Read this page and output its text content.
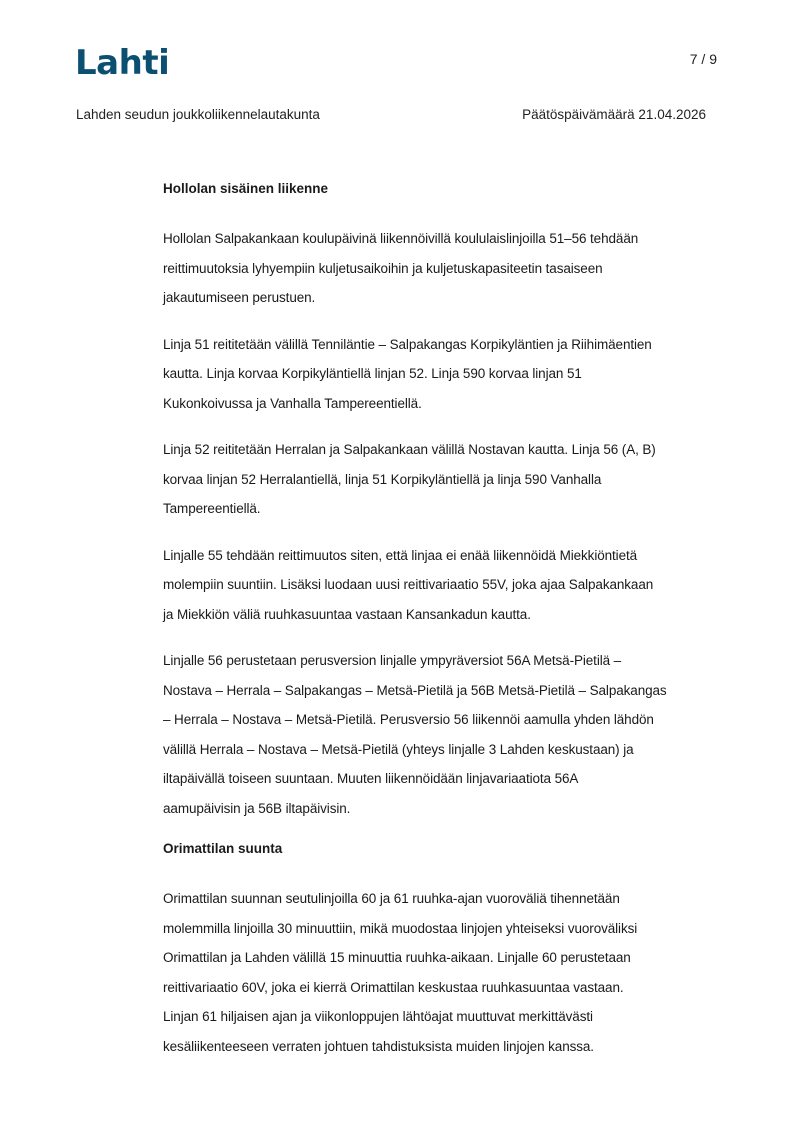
Lahti	7 / 9
Lahden seudun joukkoliikennelautakunta	Päätöspäivämäärä 21.04.2026
Hollolan sisäinen liikenne
Hollolan Salpakankaan koulupäivinä liikennöivillä koululaislinjoilla 51–56 tehdään
reittimuutoksia lyhyempiin kuljetusaikoihin ja kuljetuskapasiteetin tasaiseen
jakautumiseen perustuen.
Linja 51 reititetään välillä Tenniläntie – Salpakangas Korpikyläntien ja Riihimäentien
kautta. Linja korvaa Korpikyläntiellä linjan 52. Linja 590 korvaa linjan 51
Kukonkoivussa ja Vanhalla Tampereentiellä.
Linja 52 reititetään Herralan ja Salpakankaan välillä Nostavan kautta. Linja 56 (A, B)
korvaa linjan 52 Herralantiellä, linja 51 Korpikyläntiellä ja linja 590 Vanhalla
Tampereentiellä.
Linjalle 55 tehdään reittimuutos siten, että linjaa ei enää liikennöidä Miekkiöntietä
molempiin suuntiin. Lisäksi luodaan uusi reittivariaatio 55V, joka ajaa Salpakankaan
ja Miekkiön väliä ruuhkasuuntaa vastaan Kansankadun kautta.
Linjalle 56 perustetaan perusversion linjalle ympyräversiot 56A Metsä-Pietilä –
Nostava – Herrala – Salpakangas – Metsä-Pietilä ja 56B Metsä-Pietilä – Salpakangas
– Herrala – Nostava – Metsä-Pietilä. Perusversio 56 liikennöi aamulla yhden lähdön
välillä Herrala – Nostava – Metsä-Pietilä (yhteys linjalle 3 Lahden keskustaan) ja
iltapäivällä toiseen suuntaan. Muuten liikennöidään linjavariaatiota 56A
aamupäivisin ja 56B iltapäivisin.
Orimattilan suunta
Orimattilan suunnan seutulinjoilla 60 ja 61 ruuhka-ajan vuoroväliä tihennetään
molemmilla linjoilla 30 minuuttiin, mikä muodostaa linjojen yhteiseksi vuoroväliksi
Orimattilan ja Lahden välillä 15 minuuttia ruuhka-aikaan. Linjalle 60 perustetaan
reittivariaatio 60V, joka ei kierrä Orimattilan keskustaa ruuhkasuuntaa vastaan.
Linjan 61 hiljaisen ajan ja viikonloppujen lähtöajat muuttuvat merkittävästi
kesäliikenteeseen verraten johtuen tahdistuksista muiden linjojen kanssa.
